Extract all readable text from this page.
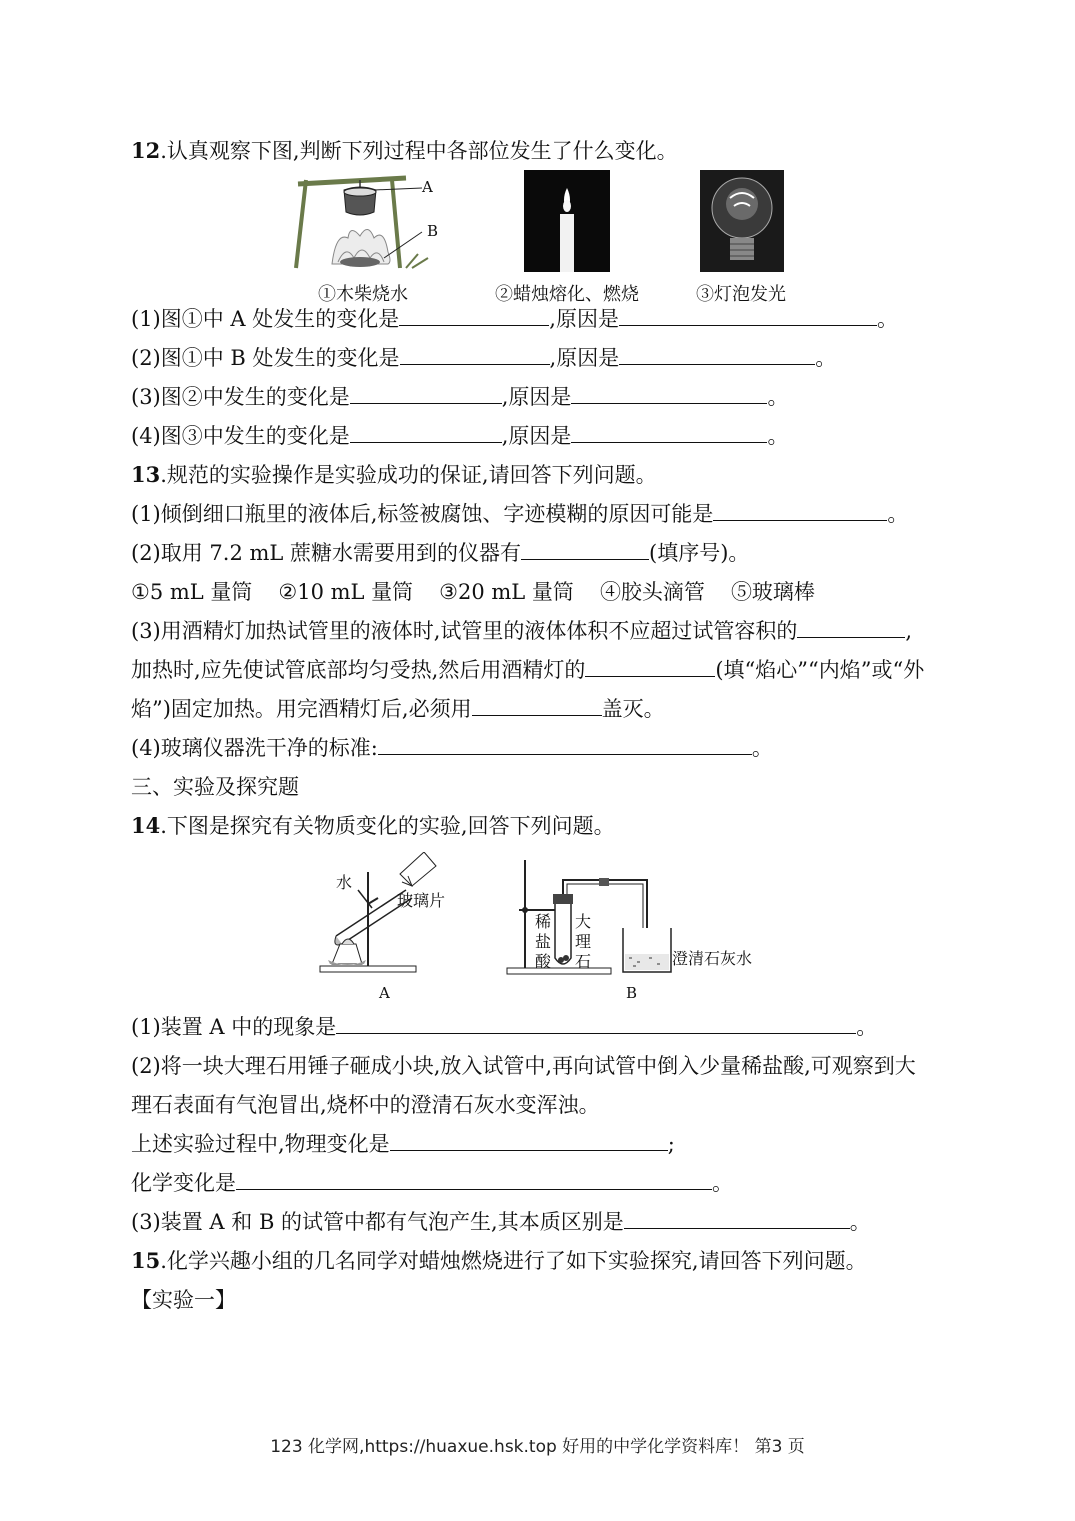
12.认真观察下图,判断下列过程中各部位发生了什么变化。
A
B
①木柴烧水	②蜡烛熔化、燃烧	③灯泡发光
(1)图①中 A 处发生的变化是	,原因是	。
(2)图①中 B 处发生的变化是	,原因是	。
(3)图②中发生的变化是	,原因是	。
(4)图③中发生的变化是	,原因是	。
13.规范的实验操作是实验成功的保证,请回答下列问题。
(1)倾倒细口瓶里的液体后,标签被腐蚀、字迹模糊的原因可能是	。
(2)取用 7.2 mL 蔗糖水需要用到的仪器有	(填序号)。
①5 mL 量筒 ②10 mL 量筒 ③20 mL 量筒 ④胶头滴管 ⑤玻璃棒
(3)用酒精灯加热试管里的液体时,试管里的液体体积不应超过试管容积的	,
加热时,应先使试管底部均匀受热,然后用酒精灯的	(填“焰心”“内焰”或“外
焰”)固定加热。用完酒精灯后,必须用	盖灭。
(4)玻璃仪器洗干净的标准:	。
三、实验及探究题
14.下图是探究有关物质变化的实验,回答下列问题。
水
玻璃片
A
稀
盐
酸
大
理
石	澄清石灰水
B
(1)装置 A 中的现象是	。
(2)将一块大理石用锤子砸成小块,放入试管中,再向试管中倒入少量稀盐酸,可观察到大
理石表面有气泡冒出,烧杯中的澄清石灰水变浑浊。
上述实验过程中,物理变化是	;
化学变化是	。
(3)装置 A 和 B 的试管中都有气泡产生,其本质区别是	。
15.化学兴趣小组的几名同学对蜡烛燃烧进行了如下实验探究,请回答下列问题。
【实验一】
123 化学网,https://huaxue.hsk.top 好用的中学化学资料库！ 第3 页
